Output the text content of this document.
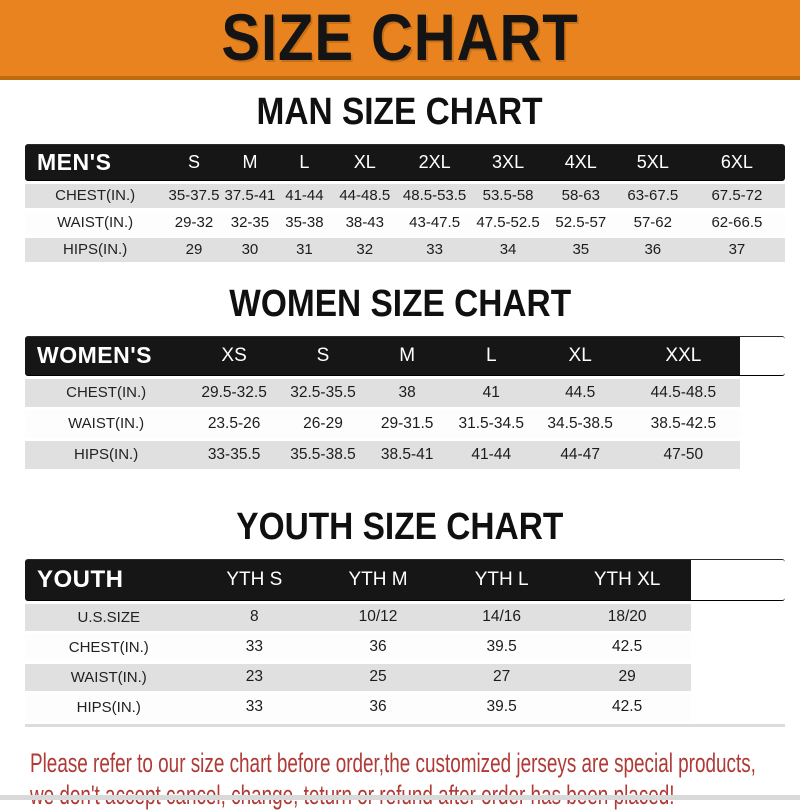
SIZE CHART
MAN SIZE CHART
MEN'S	S	M	L	XL	2XL	3XL	4XL	5XL	6XL
CHEST(IN.)	35-37.5	37.5-41	41-44	44-48.5	48.5-53.5	53.5-58	58-63	63-67.5	67.5-72
WAIST(IN.)	29-32	32-35	35-38	38-43	43-47.5	47.5-52.5	52.5-57	57-62	62-66.5
HIPS(IN.)	29	30	31	32	33	34	35	36	37
WOMEN SIZE CHART
WOMEN'S	XS	S	M	L	XL	XXL	
CHEST(IN.)	29.5-32.5	32.5-35.5	38	41	44.5	44.5-48.5	
WAIST(IN.)	23.5-26	26-29	29-31.5	31.5-34.5	34.5-38.5	38.5-42.5	
HIPS(IN.)	33-35.5	35.5-38.5	38.5-41	41-44	44-47	47-50	
YOUTH SIZE CHART
YOUTH	YTH S	YTH M	YTH L	YTH XL	
U.S.SIZE	8	10/12	14/16	18/20	
CHEST(IN.)	33	36	39.5	42.5	
WAIST(IN.)	23	25	27	29	
HIPS(IN.)	33	36	39.5	42.5	
Please refer to our size chart before order,the customized jerseys are special products,
